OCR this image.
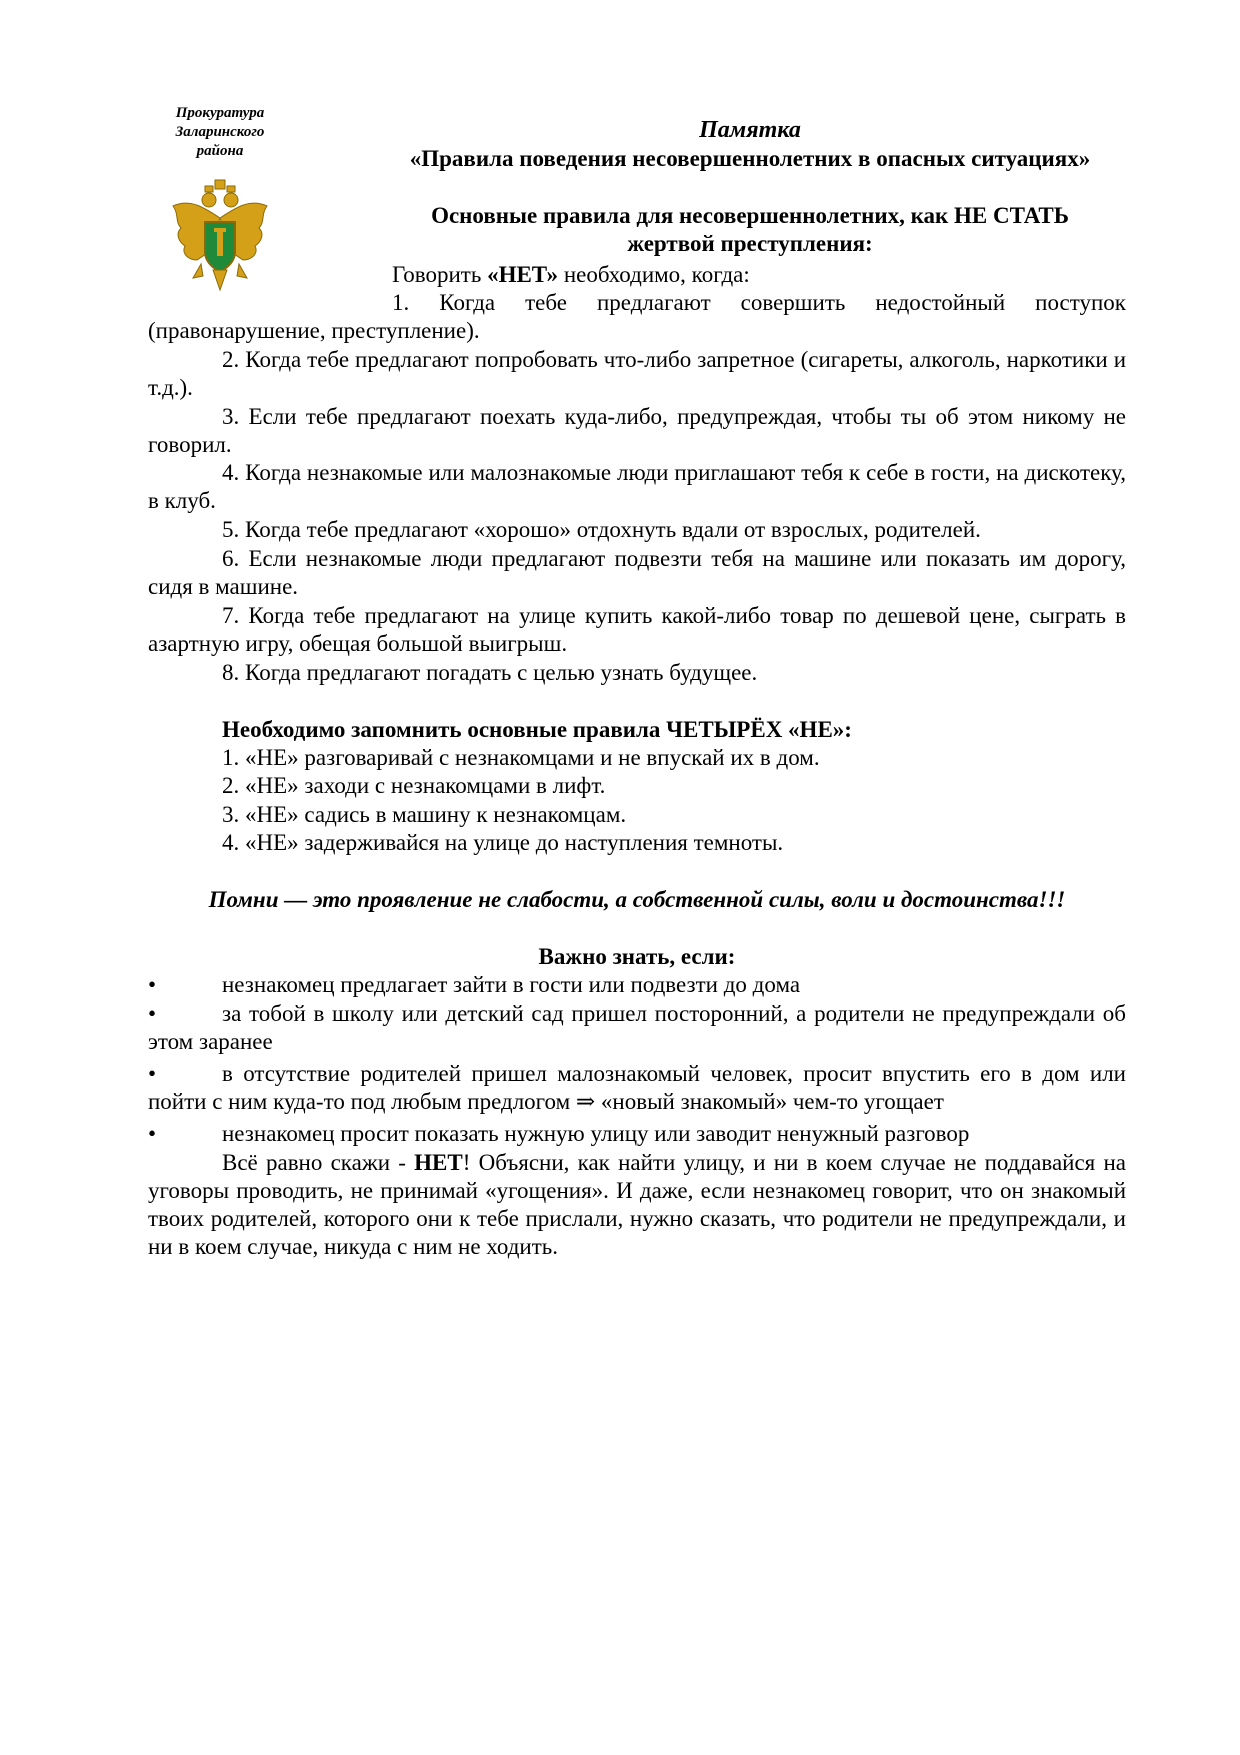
Прокуратура
Заларинского
района
Памятка
«Правила поведения несовершеннолетних в опасных ситуациях»
Основные правила для несовершеннолетних, как НЕ СТАТЬ
жертвой преступления:
Говорить «НЕТ» необходимо, когда:
1. Когда тебе предлагают совершить недостойный поступок (правонарушение, преступление).
2. Когда тебе предлагают попробовать что-либо запретное (сигареты, алкоголь, наркотики и т.д.).
3. Если тебе предлагают поехать куда-либо, предупреждая, чтобы ты об этом никому не говорил.
4. Когда незнакомые или малознакомые люди приглашают тебя к себе в гости, на дискотеку, в клуб.
5. Когда тебе предлагают «хорошо» отдохнуть вдали от взрослых, родителей.
6. Если незнакомые люди предлагают подвезти тебя на машине или показать им дорогу, сидя в машине.
7. Когда тебе предлагают на улице купить какой-либо товар по дешевой цене, сыграть в азартную игру, обещая большой выигрыш.
8. Когда предлагают погадать с целью узнать будущее.
Необходимо запомнить основные правила ЧЕТЫРЁХ «НЕ»:
1. «НЕ» разговаривай с незнакомцами и не впускай их в дом.
2. «НЕ» заходи с незнакомцами в лифт.
3. «НЕ» садись в машину к незнакомцам.
4. «НЕ» задерживайся на улице до наступления темноты.
Помни — это проявление не слабости, а собственной силы, воли и достоинства!!!
Важно знать, если:
•	незнакомец предлагает зайти в гости или подвезти до дома
•	за тобой в школу или детский сад пришел посторонний, а родители не предупреждали об этом заранее
•	в отсутствие родителей пришел малознакомый человек, просит впустить его в дом или пойти с ним куда-то под любым предлогом ⇒ «новый знакомый» чем-то угощает
•	незнакомец просит показать нужную улицу или заводит ненужный разговор
Всё равно скажи - НЕТ! Объясни, как найти улицу, и ни в коем случае не поддавайся на уговоры проводить, не принимай «угощения». И даже, если незнакомец говорит, что он знакомый твоих родителей, которого они к тебе прислали, нужно сказать, что родители не предупреждали, и ни в коем случае, никуда с ним не ходить.
